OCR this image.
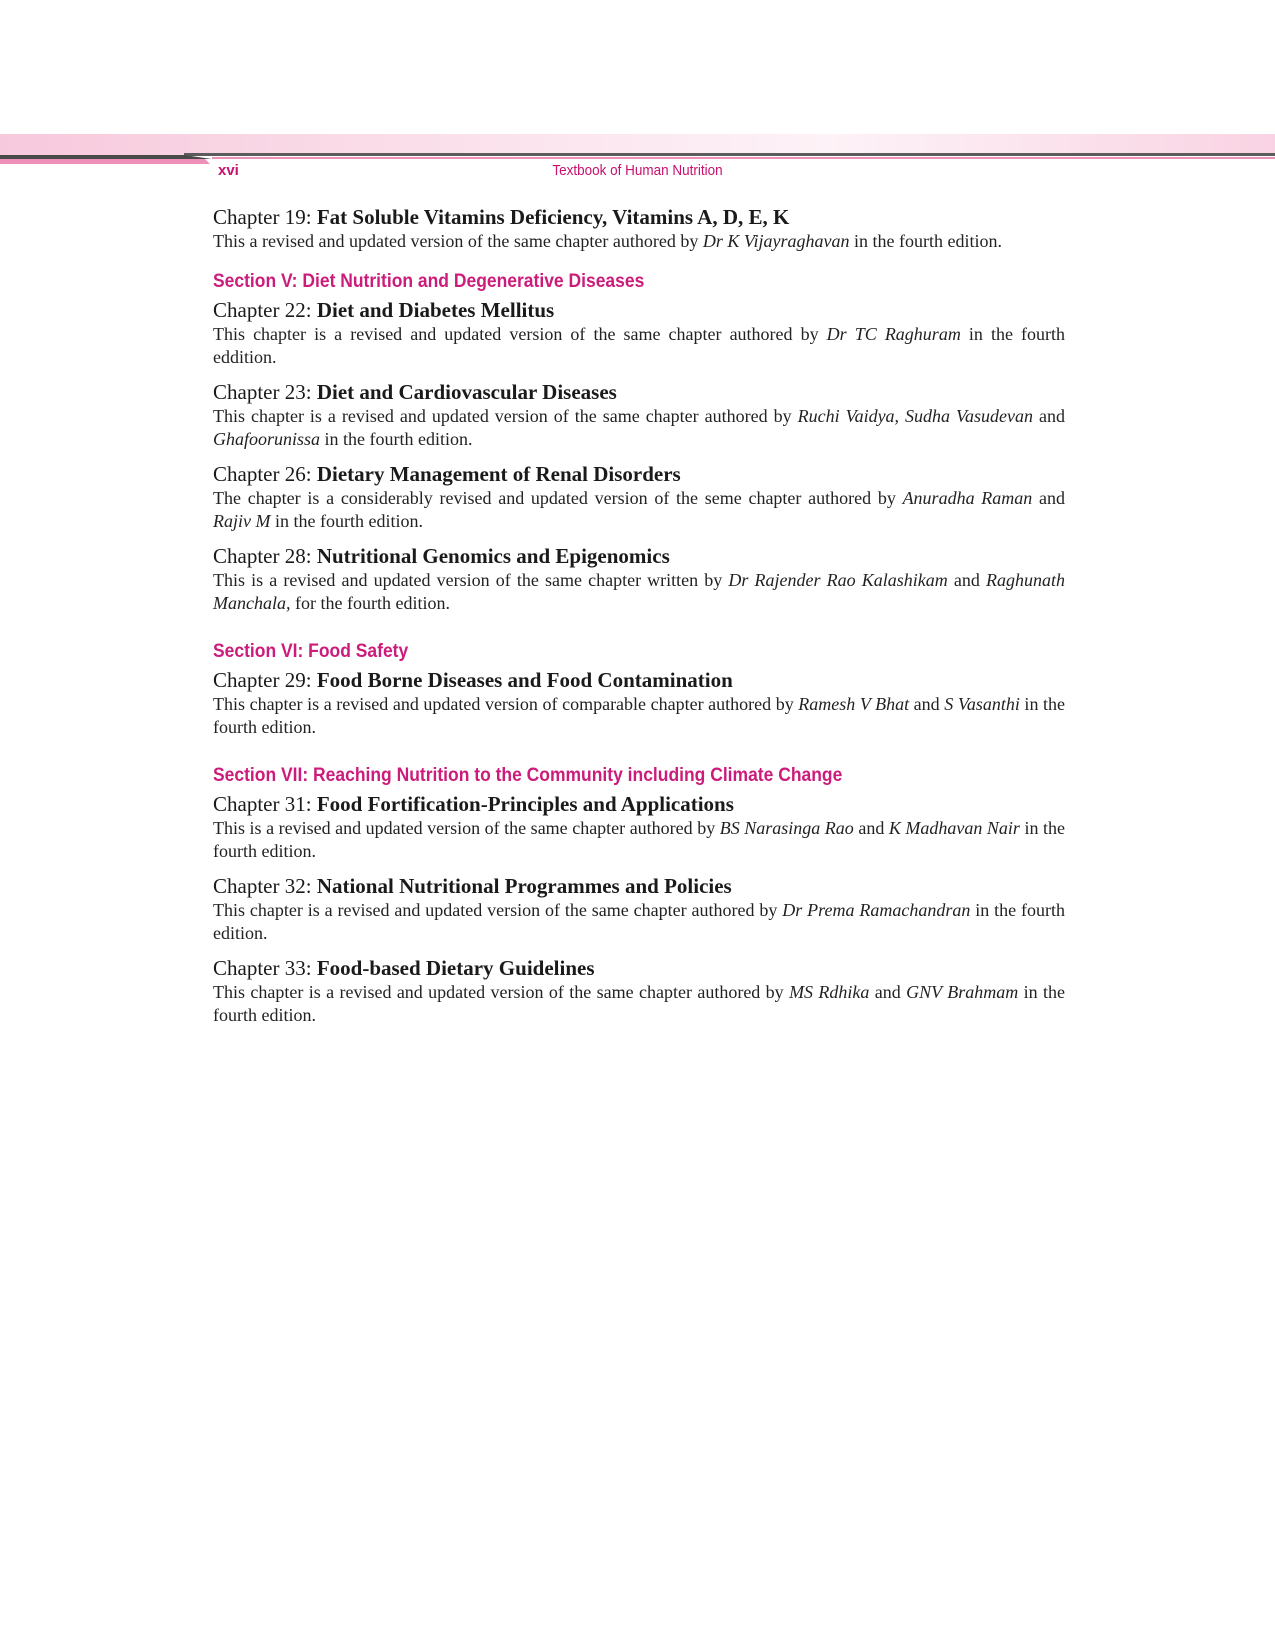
xvi	Textbook of Human Nutrition

Chapter 19: Fat Soluble Vitamins Deficiency, Vitamins A, D, E, K

This a revised and updated version of the same chapter authored by Dr K Vijayraghavan in the fourth edition.

Section V: Diet Nutrition and Degenerative Diseases

Chapter 22: Diet and Diabetes Mellitus

This chapter is a revised and updated version of the same chapter authored by Dr TC Raghuram in the fourth eddition.

Chapter 23: Diet and Cardiovascular Diseases

This chapter is a revised and updated version of the same chapter authored by Ruchi Vaidya, Sudha Vasudevan and Ghafoorunissa in the fourth edition.

Chapter 26: Dietary Management of Renal Disorders

The chapter is a considerably revised and updated version of the seme chapter authored by Anuradha Raman and Rajiv M in the fourth edition.

Chapter 28: Nutritional Genomics and Epigenomics

This is a revised and updated version of the same chapter written by Dr Rajender Rao Kalashikam and Raghunath Manchala, for the fourth edition.

Section VI: Food Safety

Chapter 29: Food Borne Diseases and Food Contamination

This chapter is a revised and updated version of comparable chapter authored by Ramesh V Bhat and S Vasanthi in the fourth edition.

Section VII: Reaching Nutrition to the Community including Climate Change

Chapter 31: Food Fortification-Principles and Applications

This is a revised and updated version of the same chapter authored by BS Narasinga Rao and K Madhavan Nair in the fourth edition.

Chapter 32: National Nutritional Programmes and Policies

This chapter is a revised and updated version of the same chapter authored by Dr Prema Ramachandran in the fourth edition.

Chapter 33: Food-based Dietary Guidelines

This chapter is a revised and updated version of the same chapter authored by MS Rdhika and GNV Brahmam in the fourth edition.
